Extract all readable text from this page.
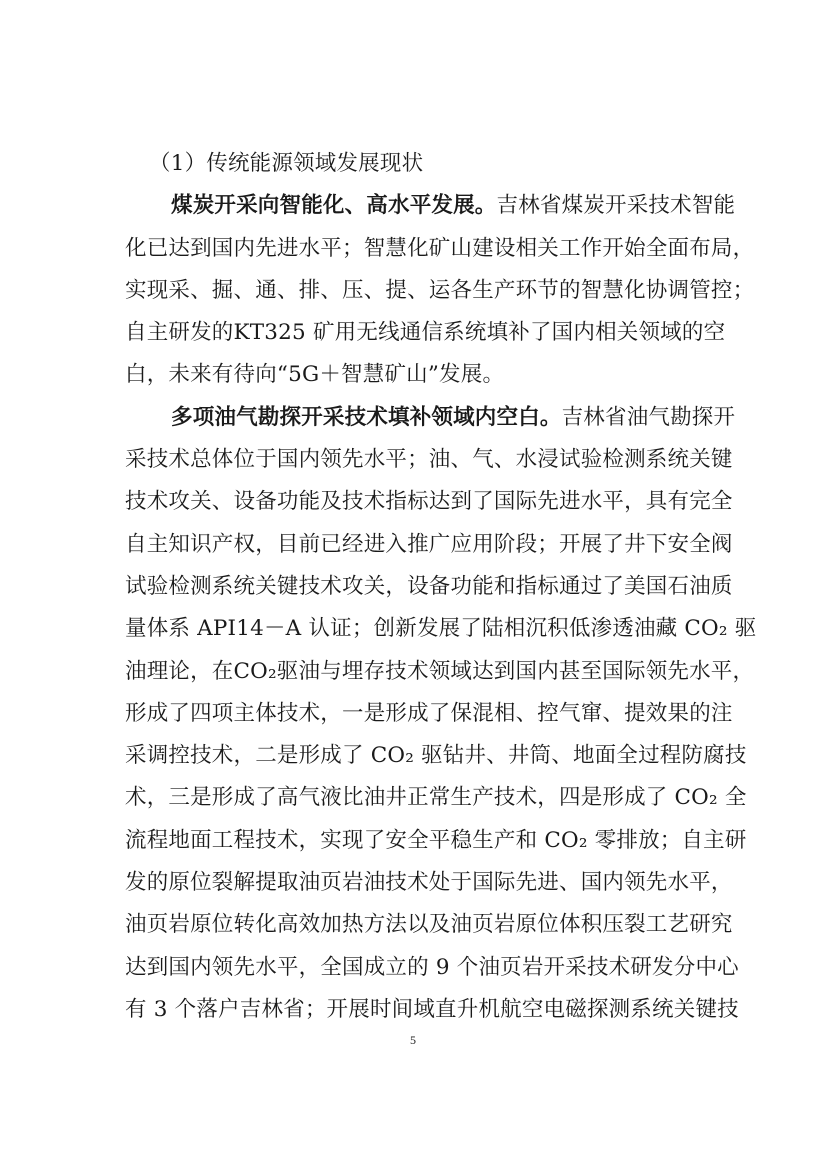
（1）传统能源领域发展现状
煤炭开采向智能化、高水平发展。吉林省煤炭开采技术智能
化已达到国内先进水平；智慧化矿山建设相关工作开始全面布局，
实现采、掘、通、排、压、提、运各生产环节的智慧化协调管控；
自主研发的KT325 矿用无线通信系统填补了国内相关领域的空
白，未来有待向“5G＋智慧矿山”发展。
多项油气勘探开采技术填补领域内空白。吉林省油气勘探开
采技术总体位于国内领先水平；油、气、水浸试验检测系统关键
技术攻关、设备功能及技术指标达到了国际先进水平，具有完全
自主知识产权，目前已经进入推广应用阶段；开展了井下安全阀
试验检测系统关键技术攻关，设备功能和指标通过了美国石油质
量体系 API14－A 认证；创新发展了陆相沉积低渗透油藏 CO₂ 驱
油理论，在CO₂驱油与埋存技术领域达到国内甚至国际领先水平，
形成了四项主体技术，一是形成了保混相、控气窜、提效果的注
采调控技术，二是形成了 CO₂ 驱钻井、井筒、地面全过程防腐技
术，三是形成了高气液比油井正常生产技术，四是形成了 CO₂ 全
流程地面工程技术，实现了安全平稳生产和 CO₂ 零排放；自主研
发的原位裂解提取油页岩油技术处于国际先进、国内领先水平，
油页岩原位转化高效加热方法以及油页岩原位体积压裂工艺研究
达到国内领先水平，全国成立的 9 个油页岩开采技术研发分中心
有 3 个落户吉林省；开展时间域直升机航空电磁探测系统关键技
5
